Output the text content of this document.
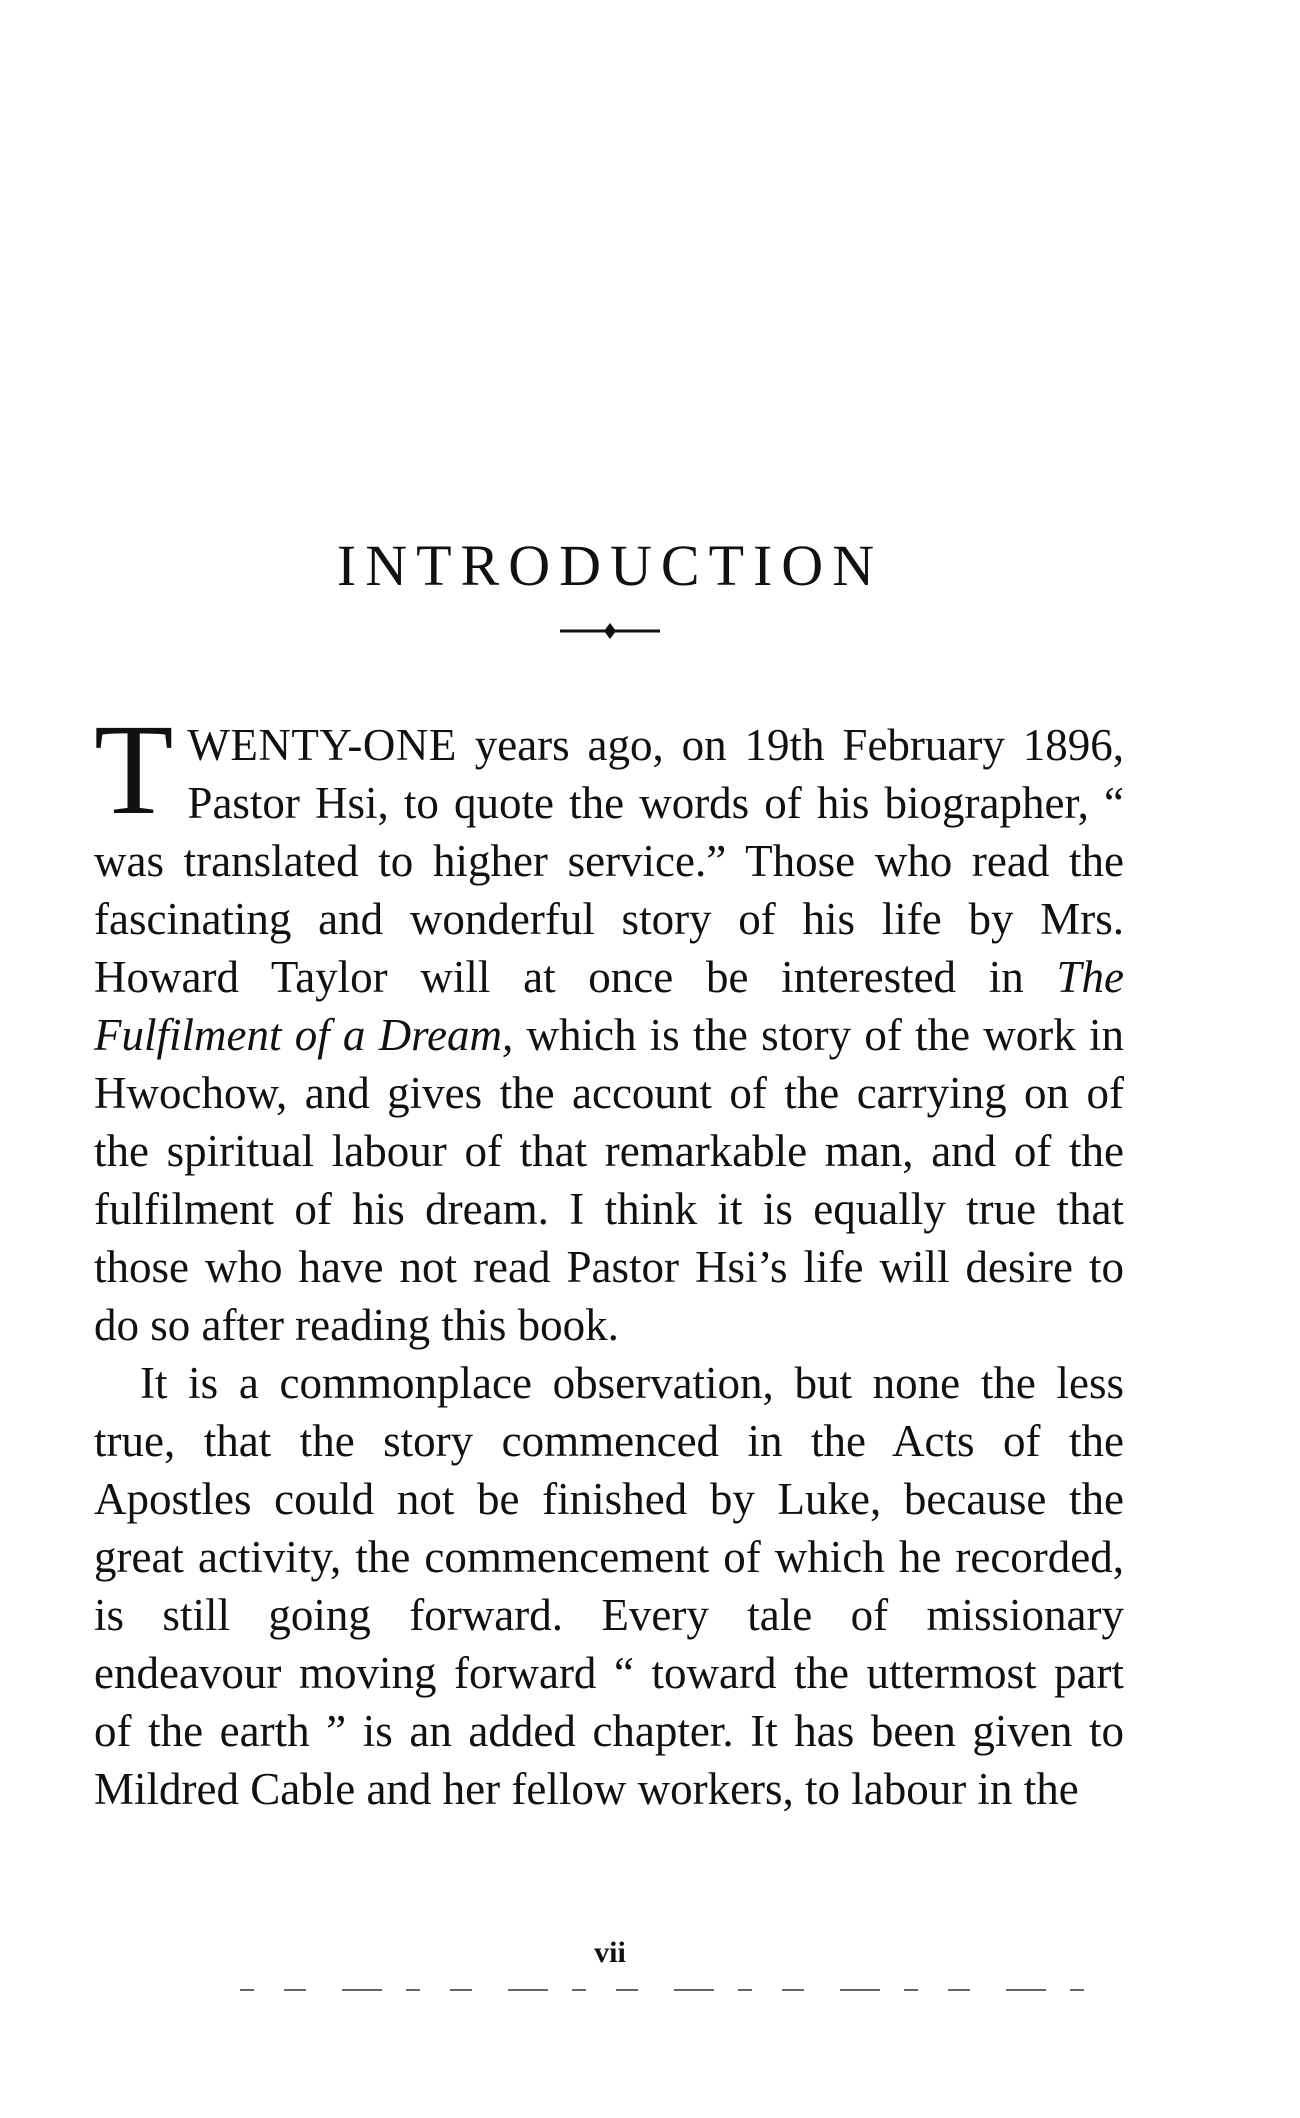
INTRODUCTION

TWENTY-ONE years ago, on 19th February 1896, Pastor Hsi, to quote the words of his biographer, “ was translated to higher service.” Those who read the fascinating and wonderful story of his life by Mrs. Howard Taylor will at once be interested in The Fulfilment of a Dream, which is the story of the work in Hwochow, and gives the account of the carrying on of the spiritual labour of that remarkable man, and of the fulfilment of his dream. I think it is equally true that those who have not read Pastor Hsi’s life will desire to do so after reading this book.

It is a commonplace observation, but none the less true, that the story commenced in the Acts of the Apostles could not be finished by Luke, because the great activity, the commencement of which he recorded, is still going forward. Every tale of missionary endeavour moving forward “ toward the uttermost part of the earth ” is an added chapter. It has been given to Mildred Cable and her fellow workers, to labour in the

vii
